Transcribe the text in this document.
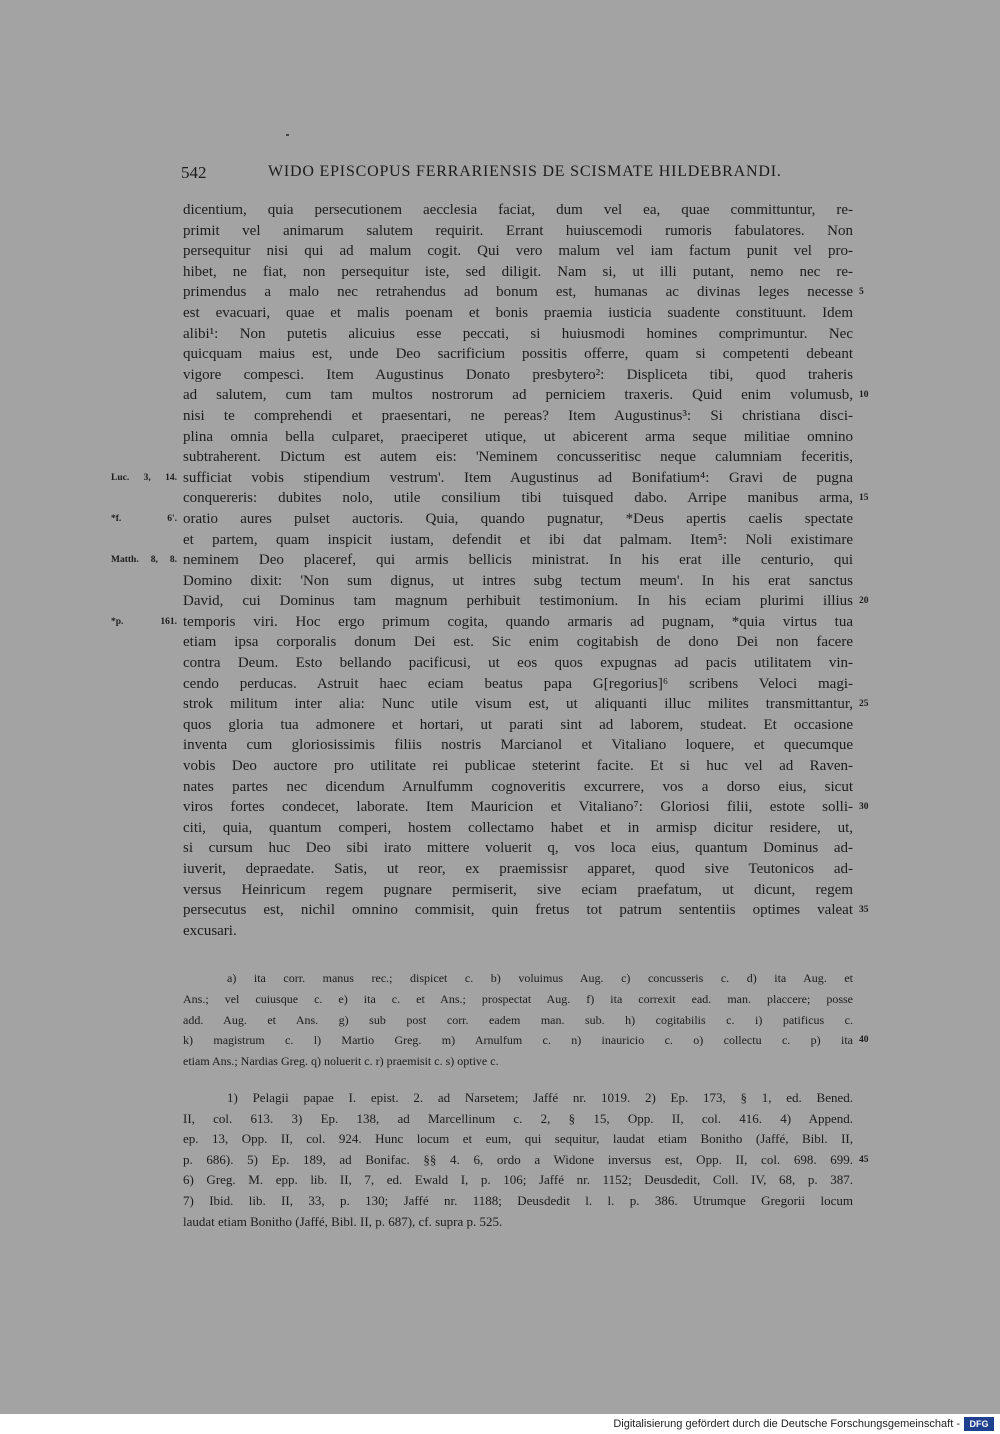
542	WIDO EPISCOPUS FERRARIENSIS DE SCISMATE HILDEBRANDI.
dicentium, quia persecutionem aecclesia faciat, dum vel ea, quae committuntur, re-
primit vel animarum salutem requirit. Errant huiuscemodi rumoris fabulatores. Non
persequitur nisi qui ad malum cogit. Qui vero malum vel iam factum punit vel pro-
hibet, ne fiat, non persequitur iste, sed diligit. Nam si, ut illi putant, nemo nec re-
primendus a malo nec retrahendus ad bonum est, humanas ac divinas leges necesse 5
est evacuari, quae et malis poenam et bonis praemia iusticia suadente constituunt. Idem
alibi¹: Non putetis alicuius esse peccati, si huiusmodi homines comprimuntur. Nec
quicquam maius est, unde Deo sacrificium possitis offerre, quam si competenti debeant
vigore compesci. Item Augustinus Donato presbytero²: Displiceta tibi, quod traheris
ad salutem, cum tam multos nostrorum ad perniciem traxeris. Quid enim volumusb, 10
nisi te comprehendi et praesentari, ne pereas? Item Augustinus³: Si christiana disci-
plina omnia bella culparet, praeciperet utique, ut abicerent arma seque militiae omnino
subtraherent. Dictum est autem eis: 'Neminem concusseritisc neque calumniam feceritis,
Luc. 3, 14. sufficiat vobis stipendium vestrum'. Item Augustinus ad Bonifatium⁴: Gravi de pugna
conquereris: dubites nolo, utile consilium tibi tuisqued dabo. Arripe manibus arma, 15
*f. 6'. oratio aures pulset auctoris. Quia, quando pugnatur, *Deus apertis caelis spectate
et partem, quam inspicit iustam, defendit et ibi dat palmam. Item⁵: Noli existimare
Matth. 8, 8. neminem Deo placeref, qui armis bellicis ministrat. In his erat ille centurio, qui
Domino dixit: 'Non sum dignus, ut intres subg tectum meum'. In his erat sanctus
David, cui Dominus tam magnum perhibuit testimonium. In his eciam plurimi illius 20
*p. 161. temporis viri. Hoc ergo primum cogita, quando armaris ad pugnam, *quia virtus tua
etiam ipsa corporalis donum Dei est. Sic enim cogitabish de dono Dei non facere
contra Deum. Esto bellando pacificusi, ut eos quos expugnas ad pacis utilitatem vin-
cendo perducas. Astruit haec eciam beatus papa G[regorius]⁶ scribens Veloci magi-
strok militum inter alia: Nunc utile visum est, ut aliquanti illuc milites transmittantur, 25
quos gloria tua admonere et hortari, ut parati sint ad laborem, studeat. Et occasione
inventa cum gloriosissimis filiis nostris Marcianol et Vitaliano loquere, et quecumque
vobis Deo auctore pro utilitate rei publicae steterint facite. Et si huc vel ad Raven-
nates partes nec dicendum Arnulfumm cognoveritis excurrere, vos a dorso eius, sicut
viros fortes condecet, laborate. Item Mauricion et Vitaliano⁷: Gloriosi filii, estote solli- 30
citi, quia, quantum comperi, hostem collectamo habet et in armisp dicitur residere, ut,
si cursum huc Deo sibi irato mittere voluerit q, vos loca eius, quantum Dominus ad-
iuverit, depraedate. Satis, ut reor, ex praemissisr apparet, quod sive Teutonicos ad-
versus Heinricum regem pugnare permiserit, sive eciam praefatum, ut dicunt, regem
persecutus est, nichil omnino commisit, quin fretus tot patrum sententiis optimes valeat 35
excusari.
a) ita corr. manus rec.; dispicet c. b) voluimus Aug. c) concusseris c. d) ita Aug. et
Ans.; vel cuiusque c. e) ita c. et Ans.; prospectat Aug. f) ita correxit ead. man. placcere; posse
add. Aug. et Ans. g) sub post corr. eadem man. sub. h) cogitabilis c. i) patificus c.
k) magistrum c. l) Martio Greg. m) Arnulfum c. n) inauricio c. o) collectu c. p) ita 40
etiam Ans.; Nardias Greg. q) noluerit c. r) praemisit c. s) optive c.
1) Pelagii papae I. epist. 2. ad Narsetem; Jaffé nr. 1019. 2) Ep. 173, § 1, ed. Bened.
II, col. 613. 3) Ep. 138, ad Marcellinum c. 2, § 15, Opp. II, col. 416. 4) Append.
ep. 13, Opp. II, col. 924. Hunc locum et eum, qui sequitur, laudat etiam Bonitho (Jaffé, Bibl. II,
p. 686). 5) Ep. 189, ad Bonifac. §§ 4. 6, ordo a Widone inversus est, Opp. II, col. 698. 699. 45
6) Greg. M. epp. lib. II, 7, ed. Ewald I, p. 106; Jaffé nr. 1152; Deusdedit, Coll. IV, 68, p. 387.
7) Ibid. lib. II, 33, p. 130; Jaffé nr. 1188; Deusdedit l. l. p. 386. Utrumque Gregorii locum
laudat etiam Bonitho (Jaffé, Bibl. II, p. 687), cf. supra p. 525.
Digitalisierung gefördert durch die Deutsche Forschungsgemeinschaft -	DFG
